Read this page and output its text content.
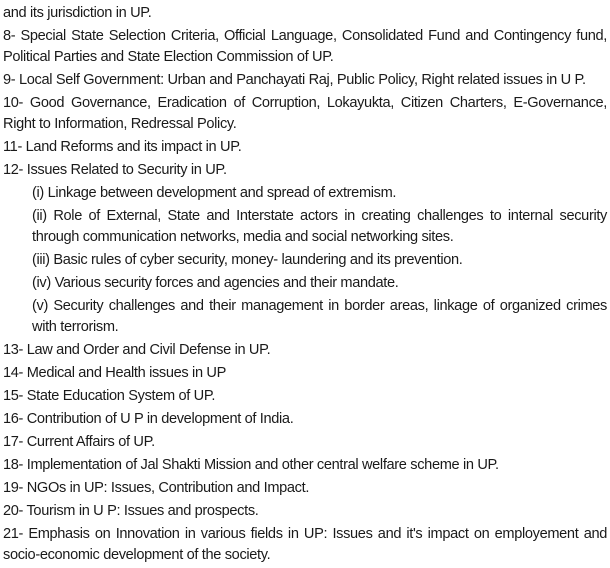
and its jurisdiction in UP.
8- Special State Selection Criteria, Official Language, Consolidated Fund and Contingency fund, Political Parties and State Election Commission of UP.
9- Local Self Government: Urban and Panchayati Raj, Public Policy, Right related issues in U P.
10- Good Governance, Eradication of Corruption, Lokayukta, Citizen Charters, E-Governance, Right to Information, Redressal Policy.
11- Land Reforms and its impact in UP.
12- Issues Related to Security in UP.
(i) Linkage between development and spread of extremism.
(ii) Role of External, State and Interstate actors in creating challenges to internal security through communication networks, media and social networking sites.
(iii) Basic rules of cyber security, money- laundering and its prevention.
(iv) Various security forces and agencies and their mandate.
(v) Security challenges and their management in border areas, linkage of organized crimes with terrorism.
13- Law and Order and Civil Defense in UP.
14- Medical and Health issues in UP
15- State Education System of UP.
16- Contribution of U P in development of India.
17- Current Affairs of UP.
18- Implementation of Jal Shakti Mission and other central welfare scheme in UP.
19- NGOs in UP: Issues, Contribution and Impact.
20- Tourism in U P: Issues and prospects.
21- Emphasis on Innovation in various fields in UP: Issues and it's impact on employement and socio-economic development of the society.
